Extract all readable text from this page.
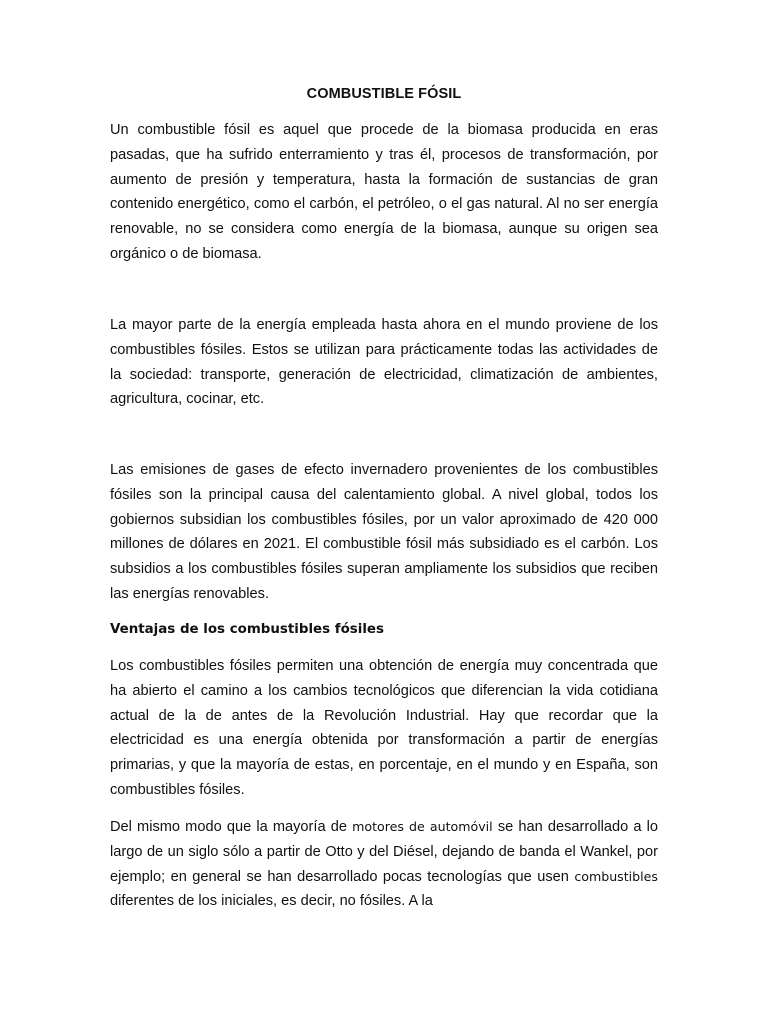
COMBUSTIBLE FÓSIL

Un combustible fósil es aquel que procede de la biomasa producida en eras pasadas, que ha sufrido enterramiento y tras él, procesos de transformación, por aumento de presión y temperatura, hasta la formación de sustancias de gran contenido energético, como el carbón, el petróleo, o el gas natural. Al no ser energía renovable, no se considera como energía de la biomasa, aunque su origen sea orgánico o de biomasa.

La mayor parte de la energía empleada hasta ahora en el mundo proviene de los combustibles fósiles. Estos se utilizan para prácticamente todas las actividades de la sociedad: transporte, generación de electricidad, climatización de ambientes, agricultura, cocinar, etc.

Las emisiones de gases de efecto invernadero provenientes de los combustibles fósiles son la principal causa del calentamiento global. A nivel global, todos los gobiernos subsidian los combustibles fósiles, por un valor aproximado de 420 000 millones de dólares en 2021. El combustible fósil más subsidiado es el carbón. Los subsidios a los combustibles fósiles superan ampliamente los subsidios que reciben las energías renovables.

Ventajas de los combustibles fósiles

Los combustibles fósiles permiten una obtención de energía muy concentrada que ha abierto el camino a los cambios tecnológicos que diferencian la vida cotidiana actual de la de antes de la Revolución Industrial. Hay que recordar que la electricidad es una energía obtenida por transformación a partir de energías primarias, y que la mayoría de estas, en porcentaje, en el mundo y en España, son combustibles fósiles.

Del mismo modo que la mayoría de motores de automóvil se han desarrollado a lo largo de un siglo sólo a partir de Otto y del Diésel, dejando de banda el Wankel, por ejemplo; en general se han desarrollado pocas tecnologías que usen combustibles diferentes de los iniciales, es decir, no fósiles. A la
